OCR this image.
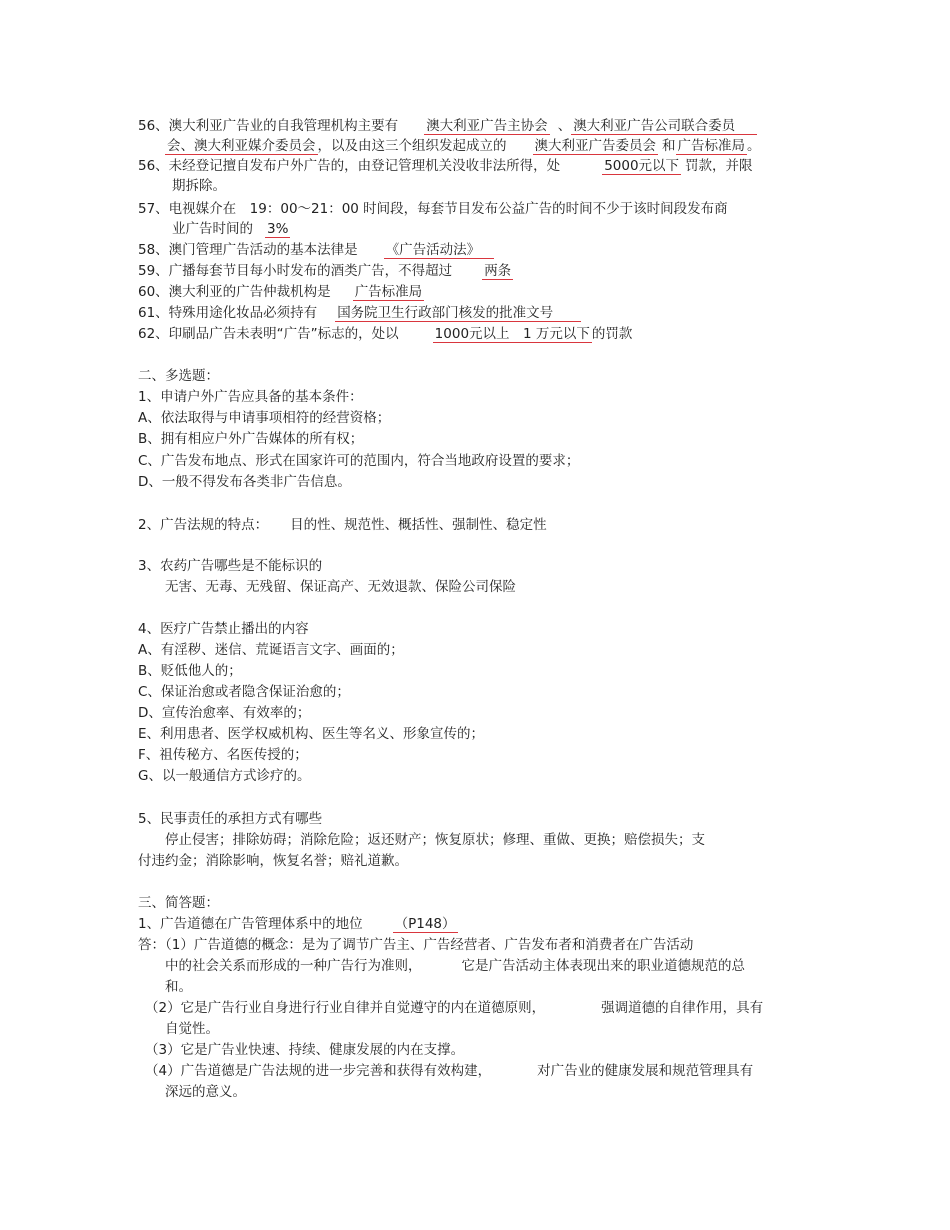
56、澳大利亚广告业的自我管理机构主要有 澳大利亚广告主协会 、 澳大利亚广告公司联合委员
会、澳大利亚媒介委员会 ，以及由这三个组织发起成立的 澳大利亚广告委员会 和 广告标准局 。
56、未经登记擅自发布户外广告的，由登记管理机关没收非法所得，处	5000元以下 罚款，并限
期拆除。
57、电视媒介在　19：00～21：00 时间段，每套节目发布公益广告的时间不少于该时间段发布商
业广告时间的 3%
58、澳门管理广告活动的基本法律是 《广告活动法》
59、广播每套节目每小时发布的酒类广告，不得超过 两条
60、澳大利亚的广告仲裁机构是 广告标准局
61、特殊用途化妆品必须持有 国务院卫生行政部门核发的批准文号
62、印刷品广告未表明“广告”标志的，处以	1000元以上　1 万元以下 的罚款
二、多选题：
1、申请户外广告应具备的基本条件：
A、依法取得与申请事项相符的经营资格；
B、拥有相应户外广告媒体的所有权；
C、广告发布地点、形式在国家许可的范围内，符合当地政府设置的要求；
D、一般不得发布各类非广告信息。
2、广告法规的特点： 目的性、规范性、概括性、强制性、稳定性
3、农药广告哪些是不能标识的
无害、无毒、无残留、保证高产、无效退款、保险公司保险
4、医疗广告禁止播出的内容
A、有淫秽、迷信、荒诞语言文字、画面的；
B、贬低他人的；
C、保证治愈或者隐含保证治愈的；
D、宣传治愈率、有效率的；
E、利用患者、医学权威机构、医生等名义、形象宣传的；
F、祖传秘方、名医传授的；
G、以一般通信方式诊疗的。
5、民事责任的承担方式有哪些
停止侵害；排除妨碍；消除危险；返还财产；恢复原状；修理、重做、更换；赔偿损失；支
付违约金；消除影响，恢复名誉；赔礼道歉。
三、简答题：
1、广告道德在广告管理体系中的地位 （P148）
答：（1）广告道德的概念：是为了调节广告主、广告经营者、广告发布者和消费者在广告活动
中的社会关系而形成的一种广告行为准则，	它是广告活动主体表现出来的职业道德规范的总
和。
（2）它是广告行业自身进行行业自律并自觉遵守的内在道德原则，	强调道德的自律作用，具有
自觉性。
（3）它是广告业快速、持续、健康发展的内在支撑。
（4）广告道德是广告法规的进一步完善和获得有效构建，	对广告业的健康发展和规范管理具有
深远的意义。
